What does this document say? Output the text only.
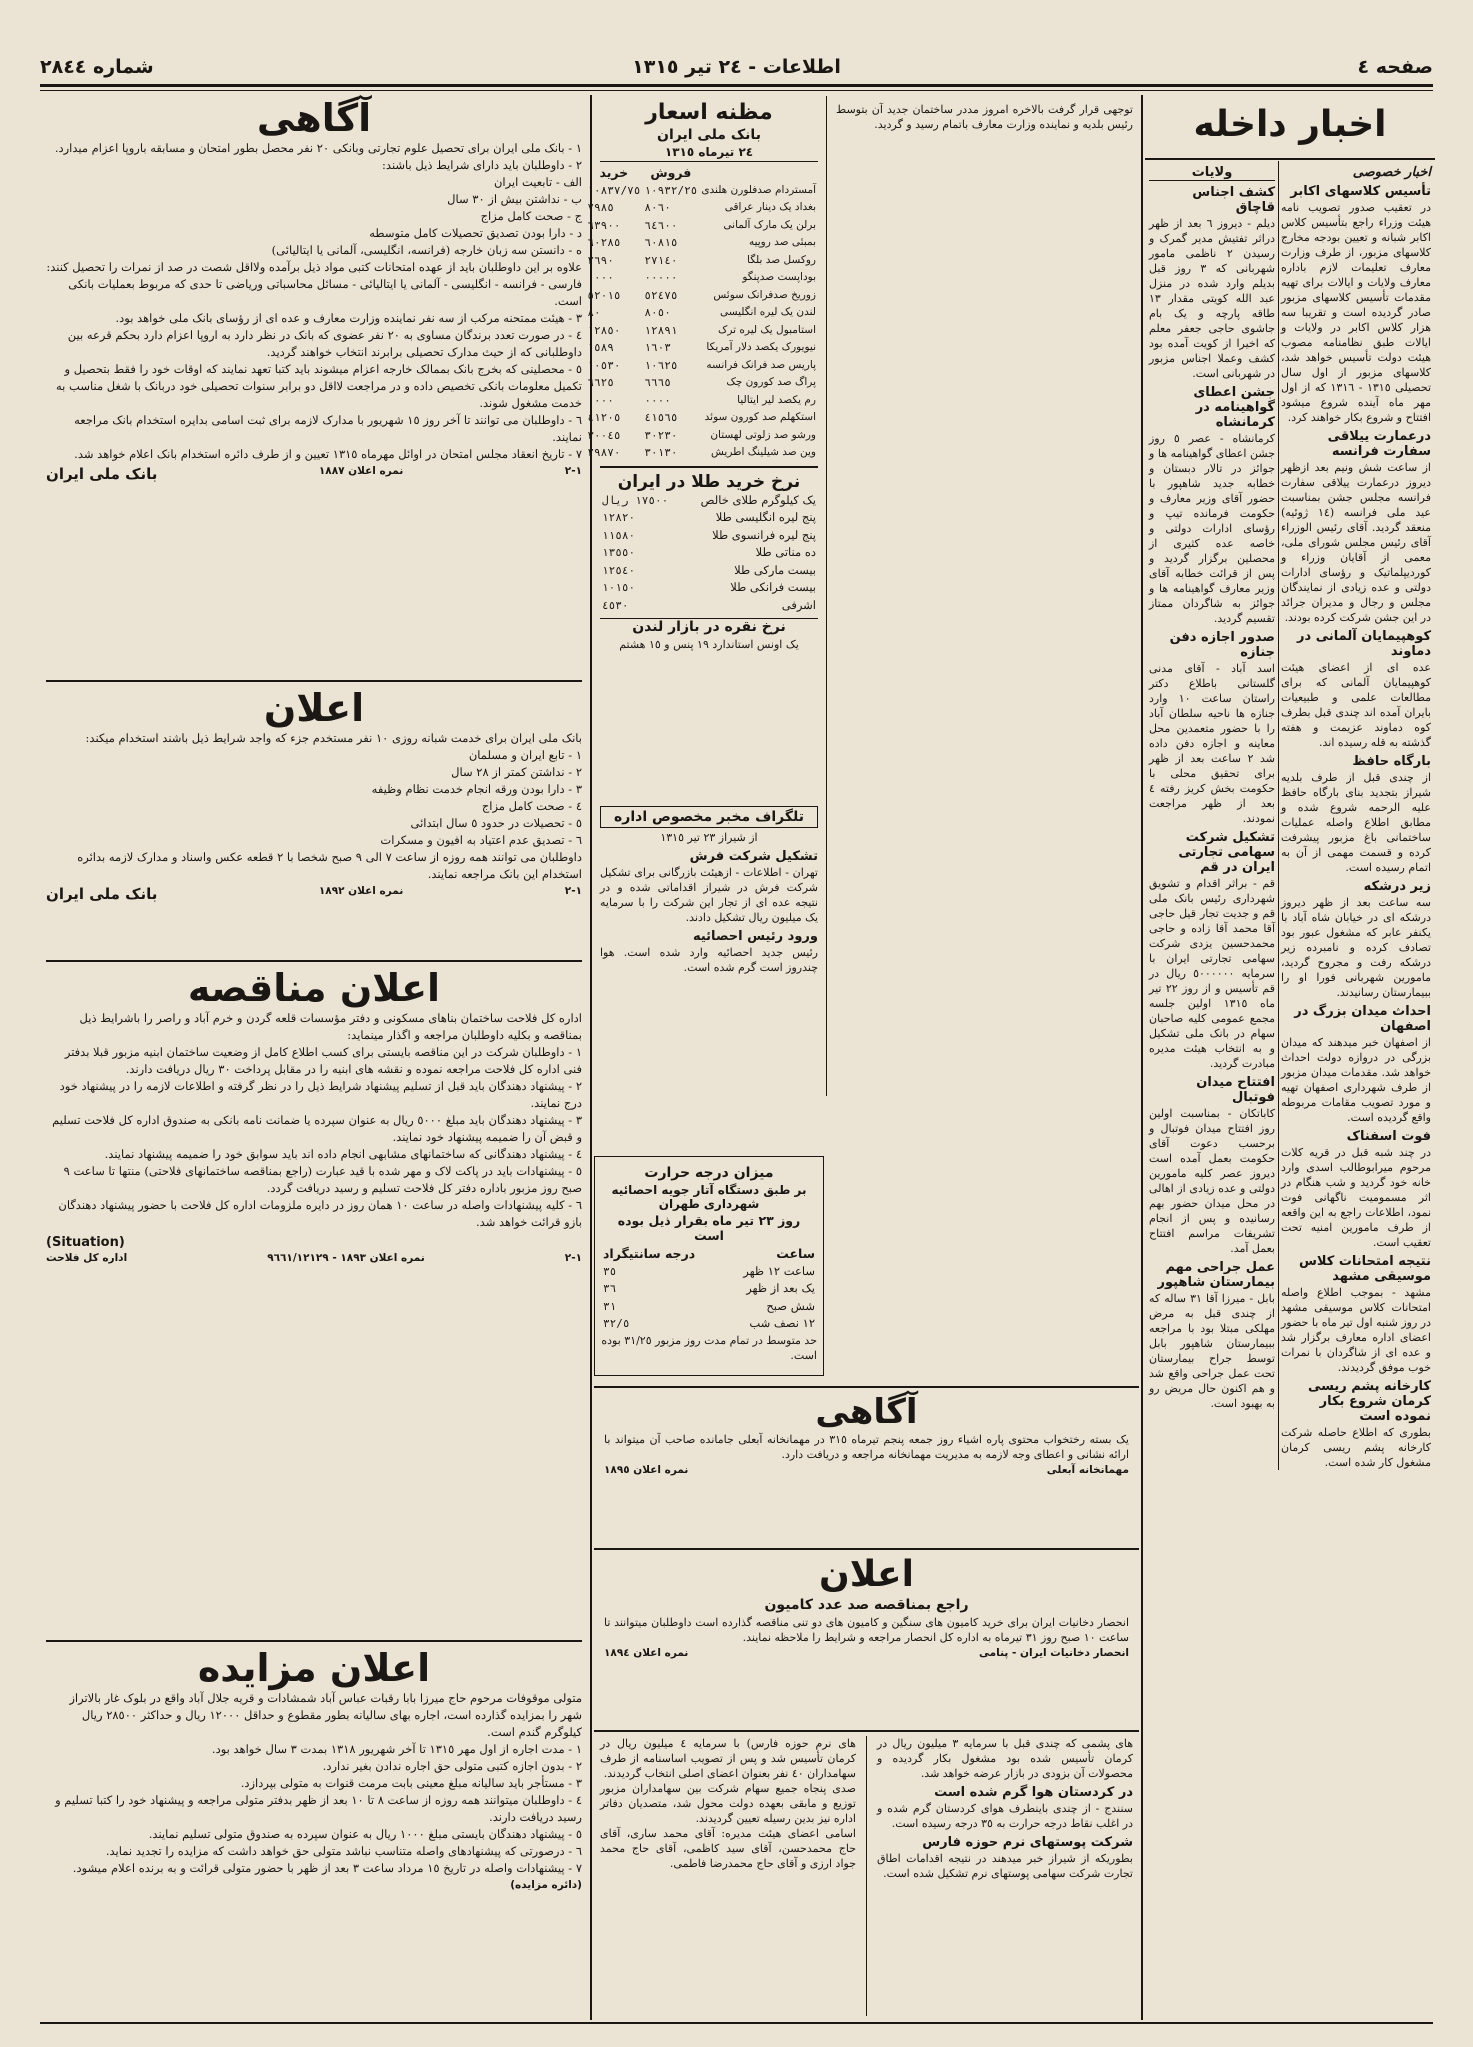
صفحه ٤
اطلاعات - ٢٤ تیر ١٣١٥
شماره ٢٨٤٤
اخبار داخله
اخبار خصوصی
تأسیس کلاسهای اکابر

در تعقیب صدور تصویب نامه هیئت وزراء راجع بتأسیس کلاس اکابر شبانه و تعیین بودجه مخارج کلاسهای مزبور، از طرف وزارت معارف تعلیمات لازم باداره معارف ولایات و ایالات برای تهیه مقدمات تأسیس کلاسهای مزبور صادر گردیده است و تقریبا سه هزار کلاس اکابر در ولایات و ایالات طبق نظامنامه مصوب هیئت دولت تأسیس خواهد شد، کلاسهای مزبور از اول سال تحصیلی ١٣١٥ - ١٣١٦ که از اول مهر ماه آینده شروع میشود افتتاح و شروع بکار خواهند کرد.

درعمارت ییلاقی سفارت فرانسه

از ساعت شش ونیم بعد ازظهر دیروز درعمارت ییلاقی سفارت فرانسه مجلس جشن بمناسبت عید ملی فرانسه (١٤ ژوئیه) منعقد گردید. آقای رئیس الوزراء آقای رئیس مجلس شورای ملی، معمی از آقایان وزراء و کوردیپلماتیک و رؤسای ادارات دولتی و عده زیادی از نمایندگان مجلس و رجال و مدیران جرائد در این جشن شرکت کرده بودند.

کوهپیمایان آلمانی در دماوند

عده ای از اعضای هیئت کوهپیمایان آلمانی که برای مطالعات علمی و طبیعیات بایران آمده اند چندی قبل بطرف کوه دماوند عزیمت و هفته گذشته به قله رسیده اند.

بارگاه حافظ

از چندی قبل از طرف بلدیه شیراز بتجدید بنای بارگاه حافظ علیه الرحمه شروع شده و مطابق اطلاع واصله عملیات ساختمانی باغ مزبور پیشرفت کرده و قسمت مهمی از آن به اتمام رسیده است.

زیر درشکه

سه ساعت بعد از ظهر دیروز درشکه ای در خیابان شاه آباد با یکنفر عابر که مشغول عبور بود تصادف کرده و نامبرده زیر درشکه رفت و مجروح گردید، مامورین شهربانی فورا او را ببیمارستان رسانیدند.

احداث میدان بزرگ در اصفهان

از اصفهان خبر میدهند که میدان بزرگی در دروازه دولت احداث خواهد شد. مقدمات میدان مزبور از طرف شهرداری اصفهان تهیه و مورد تصویب مقامات مربوطه واقع گردیده است.

فوت اسفناک

در چند شبه قبل در قریه کلات مرحوم میرابوطالب اسدی وارد خانه خود گردید و شب هنگام در اثر مسمومیت ناگهانی فوت نمود، اطلاعات راجع به این واقعه از طرف مامورین امنیه تحت تعقیب است.

نتیجه امتحانات کلاس موسیقی مشهد

مشهد - بموجب اطلاع واصله امتحانات کلاس موسیقی مشهد در روز شنبه اول تیر ماه با حضور اعضای اداره معارف برگزار شد و عده ای از شاگردان با نمرات خوب موفق گردیدند.

کارخانه پشم ریسی کرمان شروع بکار نموده است

بطوری که اطلاع حاصله شرکت کارخانه پشم ریسی کرمان مشغول کار شده است.

ولایات
کشف اجناس قاچاق

دیلم - دیروز ٦ بعد از ظهر دراثر تفتیش مدیر گمرک و رسیدن ٢ ناظمی مامور شهربانی که ٣ روز قبل بدیلم وارد شده در منزل عبد الله کویتی مقدار ١٣ طاقه پارچه و یک بام جاشوی حاجی جعفر معلم که اخیرا از کویت آمده بود کشف وعملا اجناس مزبور در شهربانی است.

جشن اعطای گواهینامه در کرمانشاه

کرمانشاه - عصر ٥ روز جشن اعطای گواهینامه ها و جوائز در تالار دبستان و خطابه جدید شاهپور با حضور آقای وزیر معارف و حکومت فرمانده تیپ و رؤسای ادارات دولتی و خاصه عده کثیری از محصلین برگزار گردید و پس از قرائت خطابه آقای وزیر معارف گواهینامه ها و جوائز به شاگردان ممتاز تقسیم گردید.

صدور اجازه دفن جنازه

اسد آباد - آقای مدنی گلستانی باطلاع دکتر راستان ساعت ١٠ وارد جنازه ها ناحیه سلطان آباد را با حضور متعمدین محل معاینه و اجازه دفن داده شد ٢ ساعت بعد از ظهر برای تحقیق محلی با حکومت بخش کریز رفته ٤ بعد از ظهر مراجعت نمودند.

تشکیل شرکت سهامی تجارتی ایران در قم

قم - براثر اقدام و تشویق شهرداری رئیس بانک ملی قم و جدیت تجار قیل حاجی آقا محمد آقا زاده و حاجی محمدحسین یزدی شرکت سهامی تجارتی ایران با سرمایه ٥٠٠٠٠٠٠ ریال در قم تأسیس و از روز ٢٢ تیر ماه ١٣١٥ اولین جلسه مجمع عمومی کلیه صاحبان سهام در بانک ملی تشکیل و به انتخاب هیئت مدیره مبادرت گردید.

افتتاح میدان فوتبال

کاباتکان - بمناسبت اولین روز افتتاح میدان فوتبال و برحسب دعوت آقای حکومت بعمل آمده است دیروز عصر کلیه مامورین دولتی و عده زیادی از اهالی در محل میدان حضور بهم رسانیده و پس از انجام تشریفات مراسم افتتاح بعمل آمد.

عمل جراحی مهم بیمارستان شاهپور

بابل - میرزا آقا ٣١ ساله که از چندی قبل به مرض مهلکی مبتلا بود با مراجعه ببیمارستان شاهپور بابل توسط جراح بیمارستان تحت عمل جراحی واقع شد و هم اکنون حال مریض رو به بهبود است.

مظنه اسعار
بانک ملی ایران
٢٤ تیرماه ١٣١٥
	فروش	خرید
آمستردام صدفلورن هلندی	١٠٩٣٢/٢٥	١٠٨٣٧/٧٥
بغداد یک دینار عراقی	٨٠٦٠	٧٩٨٥
برلن یک مارک آلمانی	٦٤٦٠٠	٦٣٩٠٠
بمبئی صد روپیه	٦٠٨١٥	٦٠٢٨٥
روکسل صد بلگا	٢٧١٤٠	٢٦٩٠
بوداپست صدپنگو	٠٠٠٠٠	٠٠٠٠
زوریخ صدفرانک سوئس	٥٢٤٧٥	٥٢٠١٥
لندن یک لیره انگلیسی	٨٠٥٠	٨٠
استامبول یک لیره ترک	١٢٨٩١	١٢٨٥٠
نیویورک یکصد دلار آمریکا	١٦٠٣	١٥٨٩
پاریس صد فرانک فرانسه	١٠٦٢٥	١٠٥٣٠
پراگ صد کورون چک	٦٦٦٥	٦٦٢٥
رم یکصد لیر ایتالیا	٠٠٠٠	٠٠٠٠
استکهلم صد کورون سوئد	٤١٥٦٥	٤١٢٠٥
ورشو صد زلوتی لهستان	٣٠٢٣٠	٣٠٠٤٥
وین صد شیلینگ اطریش	٣٠١٣٠	٢٩٨٧٠
نرخ خرید طلا در ایران
یک کیلوگرم طلای خالص	١٧٥٠٠ ریال
پنج لیره انگلیسی طلا	١٢٨٢٠
پنج لیره فرانسوی طلا	١١٥٨٠
ده مناتی طلا	١٣٥٥٠
بیست مارکی طلا	١٢٥٤٠
بیست فرانکی طلا	١٠١٥٠
اشرفی	٤٥٣٠
نرخ نقره در بازار لندن
یک اونس استاندارد ١٩ پنس و ١٥ هشتم
تلگراف مخبر مخصوص اداره
از شیراز ٢٣ تیر ١٣١٥
تشکیل شرکت فرش

تهران - اطلاعات - ازهیئت بازرگانی برای تشکیل شرکت فرش در شیراز اقداماتی شده و در نتیجه عده ای از تجار این شرکت را با سرمایه یک میلیون ریال تشکیل دادند.

ورود رئیس احصائیه

رئیس جدید احصائیه وارد شده است. هوا چندروز است گرم شده است.

میزان درجه حرارت
بر طبق دستگاه آتار جویه احصائیه شهرداری طهران
روز ٢٣ تیر ماه بقرار ذیل بوده است
ساعت	درجه سانتیگراد
ساعت ١٢ ظهر	٣٥
یک بعد از ظهر	٣٦
شش صبح	٣١
١٢ نصف شب	٣٢/٥
حد متوسط در تمام مدت روز مزبور ٣١/٢٥ بوده است.
توجهی قرار گرفت بالاخره امروز مددر ساختمان جدید آن بتوسط رئیس بلدیه و نماینده وزارت معارف باتمام رسید و گردید.
آگاهی
یک بسته رختخواب محتوی پاره اشیاء روز جمعه پنجم تیرماه ٣١٥ در مهمانخانه آبعلی جامانده صاحب آن میتواند با ارائه نشانی و اعطای وجه لازمه به مدیریت مهمانخانه مراجعه و دریافت دارد.
مهمانخانه آبعلی
نمره اعلان ١٨٩٥
اعلان
راجع بمناقصه صد عدد کامیون
انحصار دخانیات ایران برای خرید کامیون های سنگین و کامیون های دو تنی مناقصه گذارده است داوطلبان میتوانند تا ساعت ١٠ صبح روز ٣١ تیرماه به اداره کل انحصار مراجعه و شرایط را ملاحظه نمایند.
انحصار دخانیات ایران - پنامی
نمره اعلان ١٨٩٤

های پشمی که چندی قبل با سرمایه ٣ میلیون ریال در کرمان تأسیس شده بود مشغول بکار گردیده و محصولات آن بزودی در بازار عرضه خواهد شد.

در کردستان هوا گرم شده است

سنندج - از چندی باینطرف هوای کردستان گرم شده و در اغلب نقاط درجه حرارت به ٣٥ درجه رسیده است.

شرکت پوستهای نرم حوزه فارس

بطوریکه از شیراز خبر میدهند در نتیجه اقدامات اطاق تجارت شرکت سهامی پوستهای نرم تشکیل شده است.

های نرم حوزه فارس) با سرمایه ٤ میلیون ریال در کرمان تأسیس شد و پس از تصویب اساسنامه از طرف سهامداران ٤٠ نفر بعنوان اعضای اصلی انتخاب گردیدند.

صدی پنجاه جمیع سهام شرکت بین سهامداران مزبور توزیع و مابقی بعهده دولت محول شد، متصدیان دفاتر اداره نیز بدین رسیله تعیین گردیدند.

اسامی اعضای هیئت مدیره: آقای محمد ساری، آقای حاج محمدحسن، آقای سید کاظمی، آقای حاج محمد جواد ارزی و آقای حاج محمدرضا فاطمی.

آگاهی

١ - بانک ملی ایران برای تحصیل علوم تجارتی وبانکی ٢٠ نفر محصل بطور امتحان و مسابقه باروپا اعزام میدارد.

٢ - داوطلبان باید دارای شرایط ذیل باشند:

الف - تابعیت ایران

ب - نداشتن بیش از ٣٠ سال

ج - صحت کامل مزاج

د - دارا بودن تصدیق تحصیلات کامل متوسطه

ه - دانستن سه زبان خارجه (فرانسه، انگلیسی، آلمانی یا ایتالیائی)

علاوه بر این داوطلبان باید از عهده امتحانات کتبی مواد ذیل برآمده ولااقل شصت در صد از نمرات را تحصیل کنند:

فارسی - فرانسه - انگلیسی - آلمانی یا ایتالیائی - مسائل محاسباتی وریاضی تا حدی که مربوط بعملیات بانکی است.

٣ - هیئت ممتحنه مرکب از سه نفر نماینده وزارت معارف و عده ای از رؤسای بانک ملی خواهد بود.

٤ - در صورت تعدد برندگان مساوی به ٢٠ نفر عضوی که بانک در نظر دارد به اروپا اعزام دارد بحکم قرعه بین داوطلبانی که از حیث مدارک تحصیلی برابرند انتخاب خواهند گردید.

٥ - محصلینی که بخرج بانک بممالک خارجه اعزام میشوند باید کتبا تعهد نمایند که اوقات خود را فقط بتحصیل و تکمیل معلومات بانکی تخصیص داده و در مراجعت لااقل دو برابر سنوات تحصیلی خود دربانک با شغل مناسب به خدمت مشغول شوند.

٦ - داوطلبان می توانند تا آخر روز ١٥ شهریور با مدارک لازمه برای ثبت اسامی بدایره استخدام بانک مراجعه نمایند.

٧ - تاریخ انعقاد مجلس امتحان در اوائل مهرماه ١٣١٥ تعیین و از طرف دائره استخدام بانک اعلام خواهد شد.

١-٢
نمره اعلان ١٨٨٧
بانک ملی ایران
اعلان
بانک ملی ایران برای خدمت شبانه روزی ١٠ نفر مستخدم جزء که واجد شرایط ذیل باشند استخدام میکند:

١ - تابع ایران و مسلمان

٢ - نداشتن کمتر از ٢٨ سال

٣ - دارا بودن ورقه انجام خدمت نظام وظیفه

٤ - صحت کامل مزاج

٥ - تحصیلات در حدود ٥ سال ابتدائی

٦ - تصدیق عدم اعتیاد به افیون و مسکرات

داوطلبان می توانند همه روزه از ساعت ٧ الی ٩ صبح شخصا با ٢ قطعه عکس واسناد و مدارک لازمه بدائره استخدام این بانک مراجعه نمایند.

١-٢
نمره اعلان ١٨٩٢
بانک ملی ایران
اعلان مناقصه
اداره کل فلاحت ساختمان بناهای مسکونی و دفتر مؤسسات قلعه گردن و خرم آباد و راصر را باشرایط ذیل بمناقصه و بکلیه داوطلبان مراجعه و اگذار مینماید:

١ - داوطلبان شرکت در این مناقصه بایستی برای کسب اطلاع کامل از وضعیت ساختمان ابنیه مزبور قبلا بدفتر فنی اداره کل فلاحت مراجعه نموده و نقشه های ابنیه را در مقابل پرداخت ٣٠ ریال دریافت دارند.

٢ - پیشنهاد دهندگان باید قبل از تسلیم پیشنهاد شرایط ذیل را در نظر گرفته و اطلاعات لازمه را در پیشنهاد خود درج نمایند.

٣ - پیشنهاد دهندگان باید مبلغ ٥٠٠٠ ریال به عنوان سپرده یا ضمانت نامه بانکی به صندوق اداره کل فلاحت تسلیم و قبض آن را ضمیمه پیشنهاد خود نمایند.

٤ - پیشنهاد دهندگانی که ساختمانهای مشابهی انجام داده اند باید سوابق خود را ضمیمه پیشنهاد نمایند.

٥ - پیشنهادات باید در پاکت لاک و مهر شده با قید عبارت (راجع بمناقصه ساختمانهای فلاحتی) منتها تا ساعت ٩ صبح روز مزبور باداره دفتر کل فلاحت تسلیم و رسید دریافت گردد.

٦ - کلیه پیشنهادات واصله در ساعت ١٠ همان روز در دایره ملزومات اداره کل فلاحت با حضور پیشنهاد دهندگان بازو قرائت خواهد شد.

(Situation)
١-٢
نمره اعلان ١٨٩٣ - ٩٦٦١/١٢١٢٩
اداره کل فلاحت
اعلان مزایده
متولی موقوفات مرحوم حاج میرزا بابا رقبات عباس آباد شمشادات و قریه جلال آباد واقع در بلوک غار بالاتراز شهر را بمزایده گذارده است، اجاره بهای سالیانه بطور مقطوع و حداقل ١٢٠٠٠ ریال و حداکثر ٢٨٥٠٠ ریال کیلوگرم گندم است.

١ - مدت اجاره از اول مهر ١٣١٥ تا آخر شهریور ١٣١٨ بمدت ٣ سال خواهد بود.

٢ - بدون اجازه کتبی متولی حق اجاره ندادن بغیر ندارد.

٣ - مستأجر باید سالیانه مبلغ معینی بابت مرمت قنوات به متولی بپردازد.

٤ - داوطلبان میتوانند همه روزه از ساعت ٨ تا ١٠ بعد از ظهر بدفتر متولی مراجعه و پیشنهاد خود را کتبا تسلیم و رسید دریافت دارند.

٥ - پیشنهاد دهندگان بایستی مبلغ ١٠٠٠ ریال به عنوان سپرده به صندوق متولی تسلیم نمایند.

٦ - درصورتی که پیشنهادهای واصله متناسب نباشد متولی حق خواهد داشت که مزایده را تجدید نماید.

٧ - پیشنهادات واصله در تاریخ ١٥ مرداد ساعت ٣ بعد از ظهر با حضور متولی قرائت و به برنده اعلام میشود.

(دائره مزایده)
